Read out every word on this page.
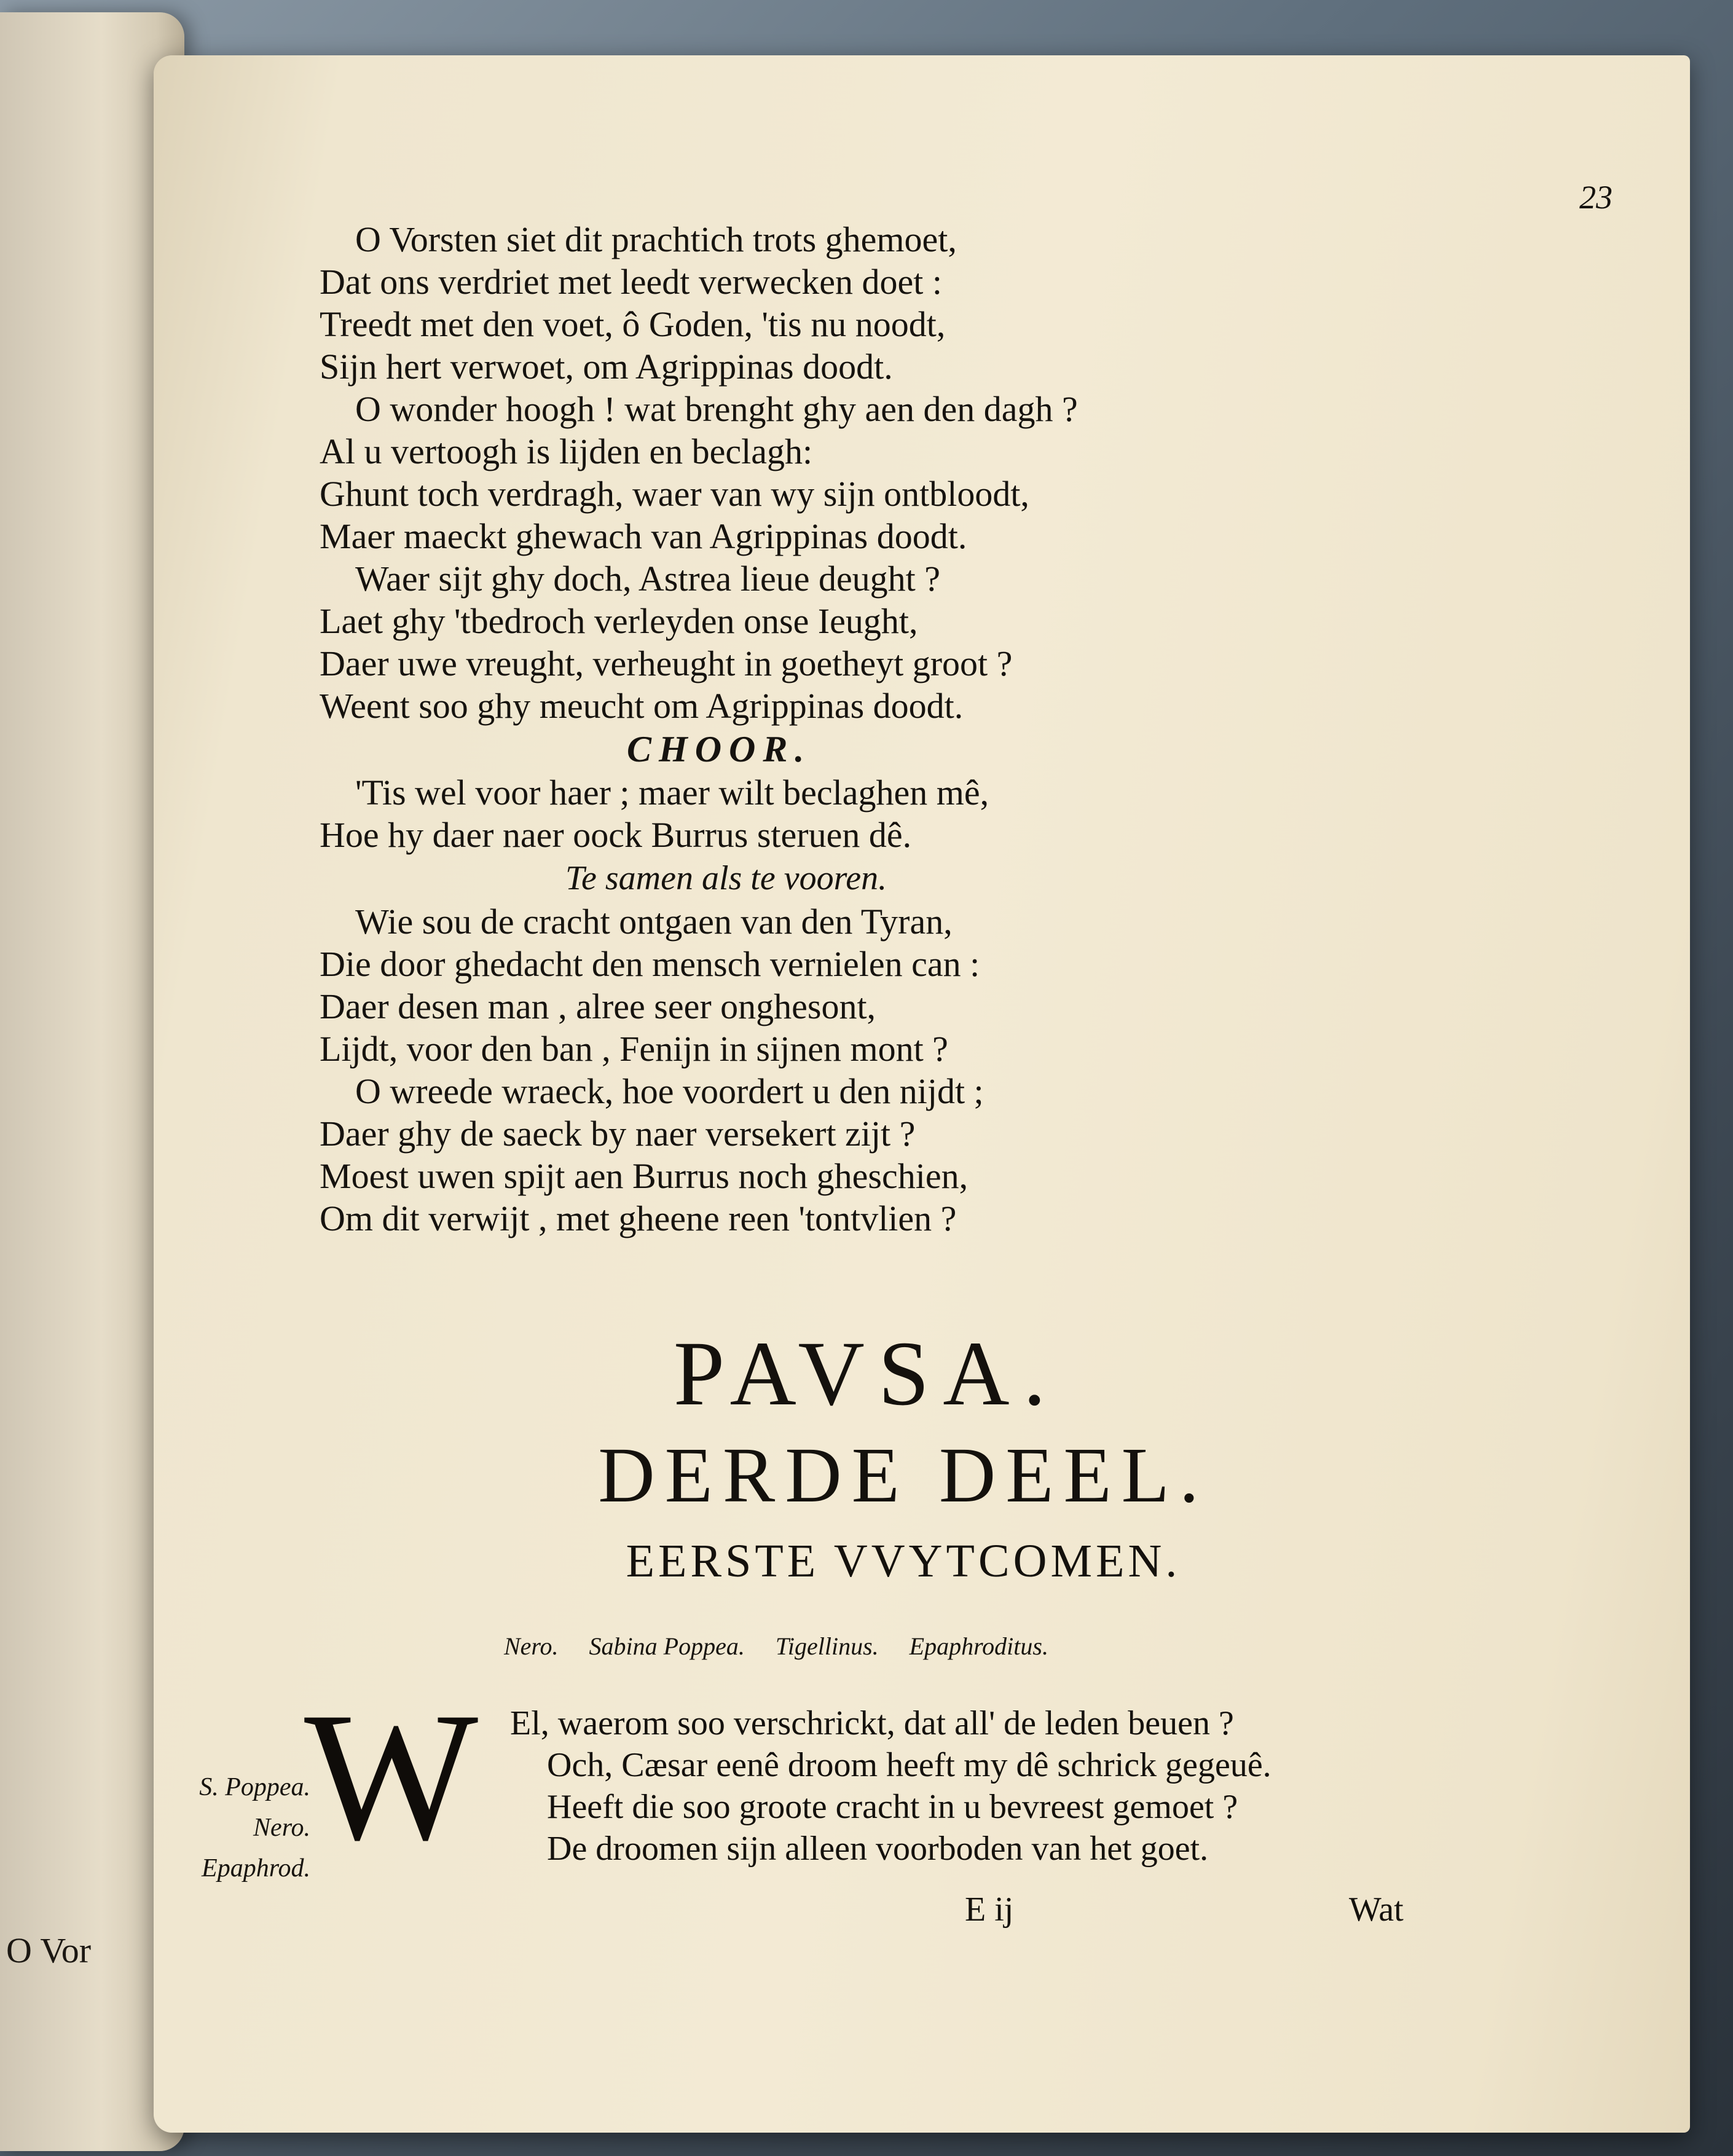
O Vor
23
O Vorsten siet dit prachtich trots ghemoet,
Dat ons verdriet met leedt verwecken doet :
Treedt met den voet, ô Goden, 'tis nu noodt,
Sijn hert verwoet, om Agrippinas doodt.
O wonder hoogh ! wat brenght ghy aen den dagh ?
Al u vertoogh is lijden en beclagh:
Ghunt toch verdragh, waer van wy sijn ontbloodt,
Maer maeckt ghewach van Agrippinas doodt.
Waer sijt ghy doch, Astrea lieue deught ?
Laet ghy 'tbedroch verleyden onse Ieught,
Daer uwe vreught, verheught in goetheyt groot ?
Weent soo ghy meucht om Agrippinas doodt.
CHOOR.
'Tis wel voor haer ; maer wilt beclaghen mê,
Hoe hy daer naer oock Burrus steruen dê.
Te samen als te vooren.
Wie sou de cracht ontgaen van den Tyran,
Die door ghedacht den mensch vernielen can :
Daer desen man , alree seer onghesont,
Lijdt, voor den ban , Fenijn in sijnen mont ?
O wreede wraeck, hoe voordert u den nijdt ;
Daer ghy de saeck by naer versekert zijt ?
Moest uwen spijt aen Burrus noch gheschien,
Om dit verwijt , met gheene reen 'tontvlien ?
PAVSA.
DERDE DEEL.
EERSTE VVYTCOMEN.
Nero. Sabina Poppea. Tigellinus. Epaphroditus.
W
S. Poppea.
Nero.
Epaphrod.
El, waerom soo verschrickt, dat all' de leden beuen ?
Och, Cæsar eenê droom heeft my dê schrick gegeuê.
Heeft die soo groote cracht in u bevreest gemoet ?
De droomen sijn alleen voorboden van het goet.
E ij	Wat
